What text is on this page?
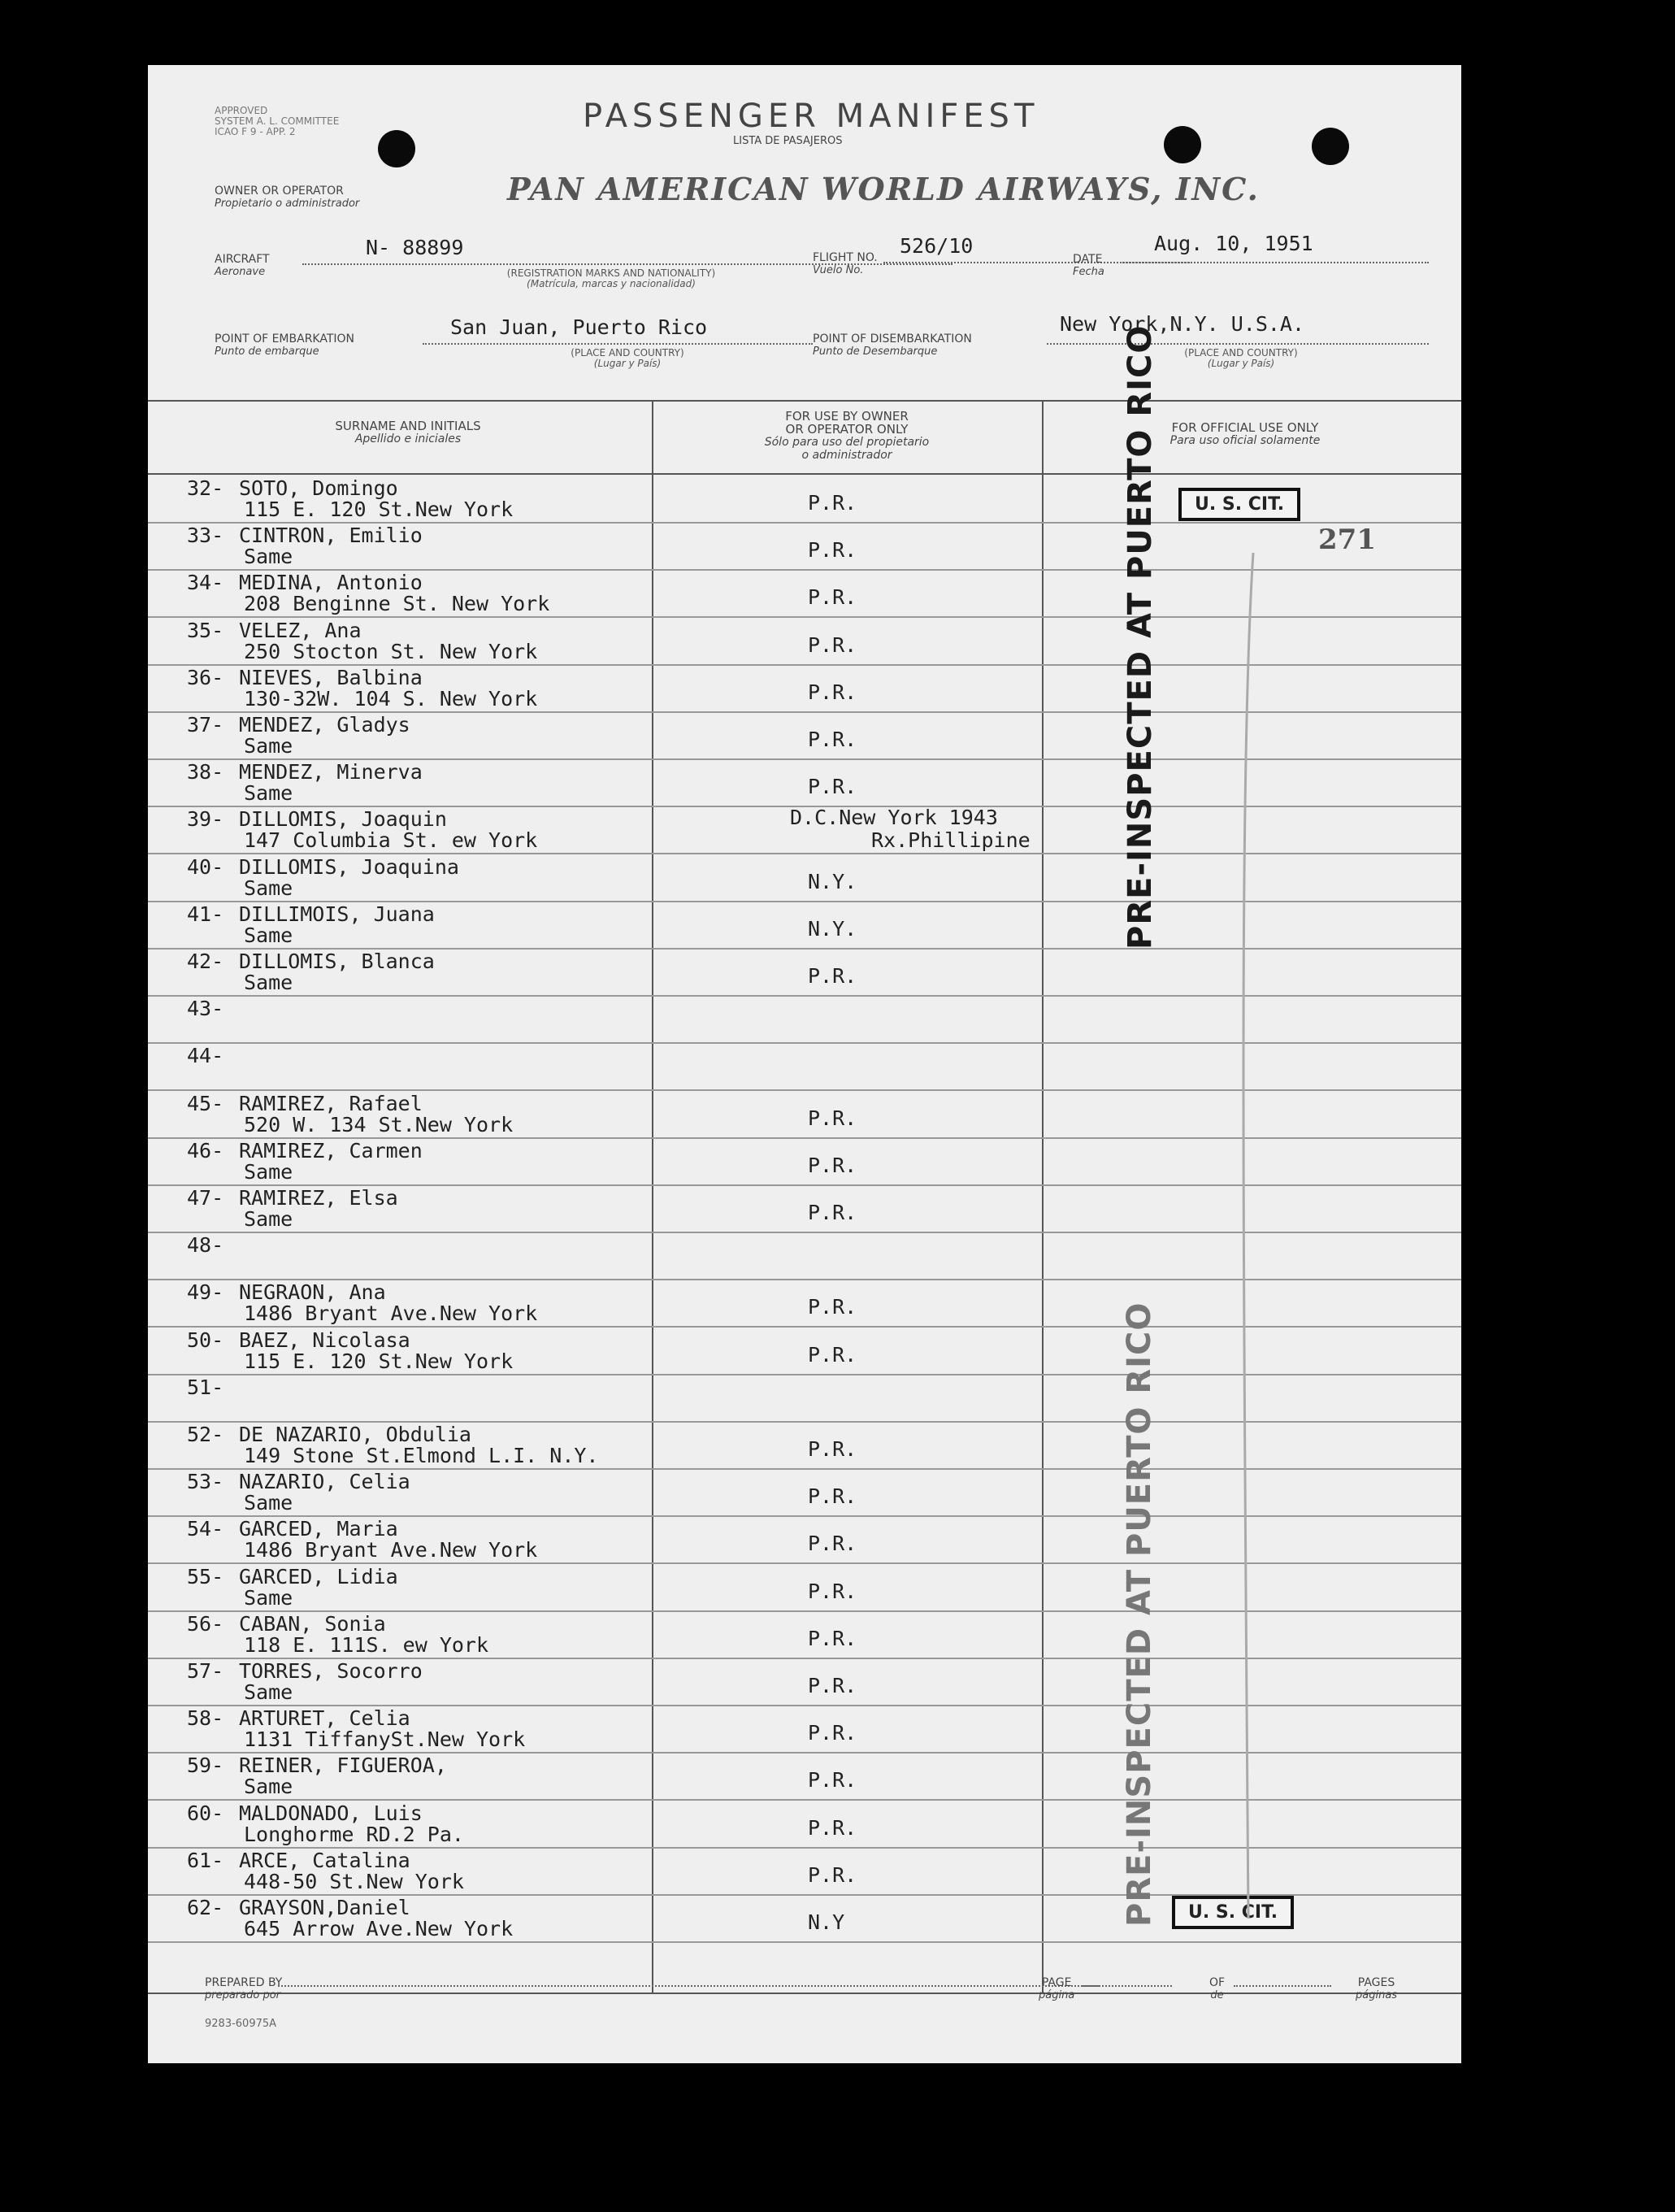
APPROVED
SYSTEM A. L. COMMITTEE
ICAO F 9 - APP. 2	PASSENGER MANIFEST
LISTA DE PASAJEROS
OWNER OR OPERATOR
Propietario o administrador	PAN AMERICAN WORLD AIRWAYS, INC.
AIRCRAFT
Aeronave
N- 88899
(REGISTRATION MARKS AND NATIONALITY)
(Matrícula, marcas y nacionalidad)
FLIGHT NO.
Vuelo No.
526/10
DATE
Fecha
Aug. 10, 1951
POINT OF EMBARKATION
Punto de embarque
San Juan, Puerto Rico
(PLACE AND COUNTRY)
(Lugar y País)
POINT OF DISEMBARKATION
Punto de Desembarque
New York,N.Y. U.S.A.
(PLACE AND COUNTRY)
(Lugar y País)
SURNAME AND INITIALS
Apellido e iniciales
FOR USE BY OWNER
OR OPERATOR ONLY
Sólo para uso del propietario
o administrador
FOR OFFICIAL USE ONLY
Para uso oficial solamente
32- SOTO, Domingo
115 E. 120 St.New York	P.R.
33- CINTRON, Emilio
Same	P.R.
34- MEDINA, Antonio
208 Benginne St. New York	P.R.
35- VELEZ, Ana
250 Stocton St. New York	P.R.
36- NIEVES, Balbina
130-32W. 104 S. New York	P.R.
37- MENDEZ, Gladys
Same	P.R.
38- MENDEZ, Minerva
Same	P.R.
39- DILLOMIS, Joaquin
147 Columbia St. ew York
D.C.New York 1943
Rx.Phillipine
40- DILLOMIS, Joaquina
Same	N.Y.
41- DILLIMOIS, Juana
Same	N.Y.
42- DILLOMIS, Blanca
Same	P.R.
43-
44-
45- RAMIREZ, Rafael
520 W. 134 St.New York	P.R.
46- RAMIREZ, Carmen
Same	P.R.
47- RAMIREZ, Elsa
Same	P.R.
48-
49- NEGRAON, Ana
1486 Bryant Ave.New York	P.R.
50- BAEZ, Nicolasa
115 E. 120 St.New York	P.R.
51-
52- DE NAZARIO, Obdulia
149 Stone St.Elmond L.I. N.Y.	P.R.
53- NAZARIO, Celia
Same	P.R.
54- GARCED, Maria
1486 Bryant Ave.New York	P.R.
55- GARCED, Lidia
Same	P.R.
56- CABAN, Sonia
118 E. 111S. ew York	P.R.
57- TORRES, Socorro
Same	P.R.
58- ARTURET, Celia
1131 TiffanySt.New York	P.R.
59- REINER, FIGUEROA,
Same	P.R.
60- MALDONADO, Luis
Longhorme RD.2 Pa.	P.R.
61- ARCE, Catalina
448-50 St.New York	P.R.
62- GRAYSON,Daniel
645 Arrow Ave.New York	N.Y
PRE-INSPECTED AT PUERTO RICO
PRE-INSPECTED AT PUERTO RICO
U. S. CIT.
U. S. CIT.
271
PREPARED BY
preparado por
PAGE
página
OF
de
PAGES
páginas
9283-60975A
